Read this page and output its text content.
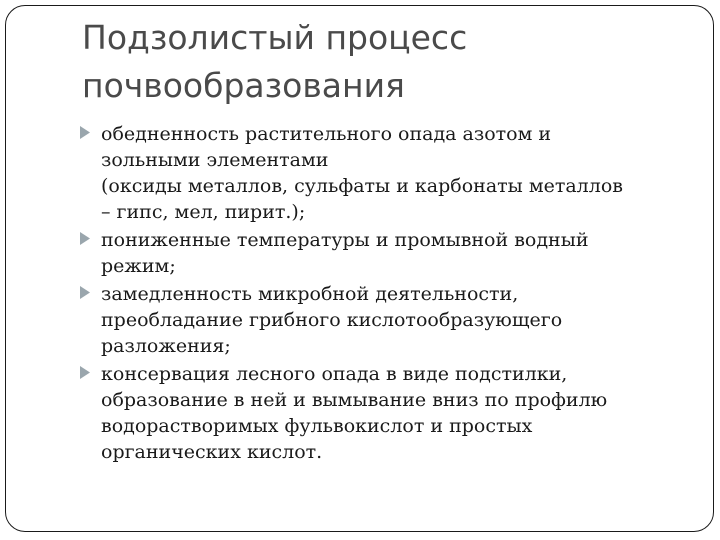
Подзолистый процесс
почвообразования
обедненность растительного опада азотом и
зольными элементами
(оксиды металлов, сульфаты и карбонаты металлов
– гипс, мел, пирит.);
пониженные температуры и промывной водный
режим;
замедленность микробной деятельности,
преобладание грибного кислотообразующего
разложения;
консервация лесного опада в виде подстилки,
образование в ней и вымывание вниз по профилю
водорастворимых фульвокислот и простых
органических кислот.
